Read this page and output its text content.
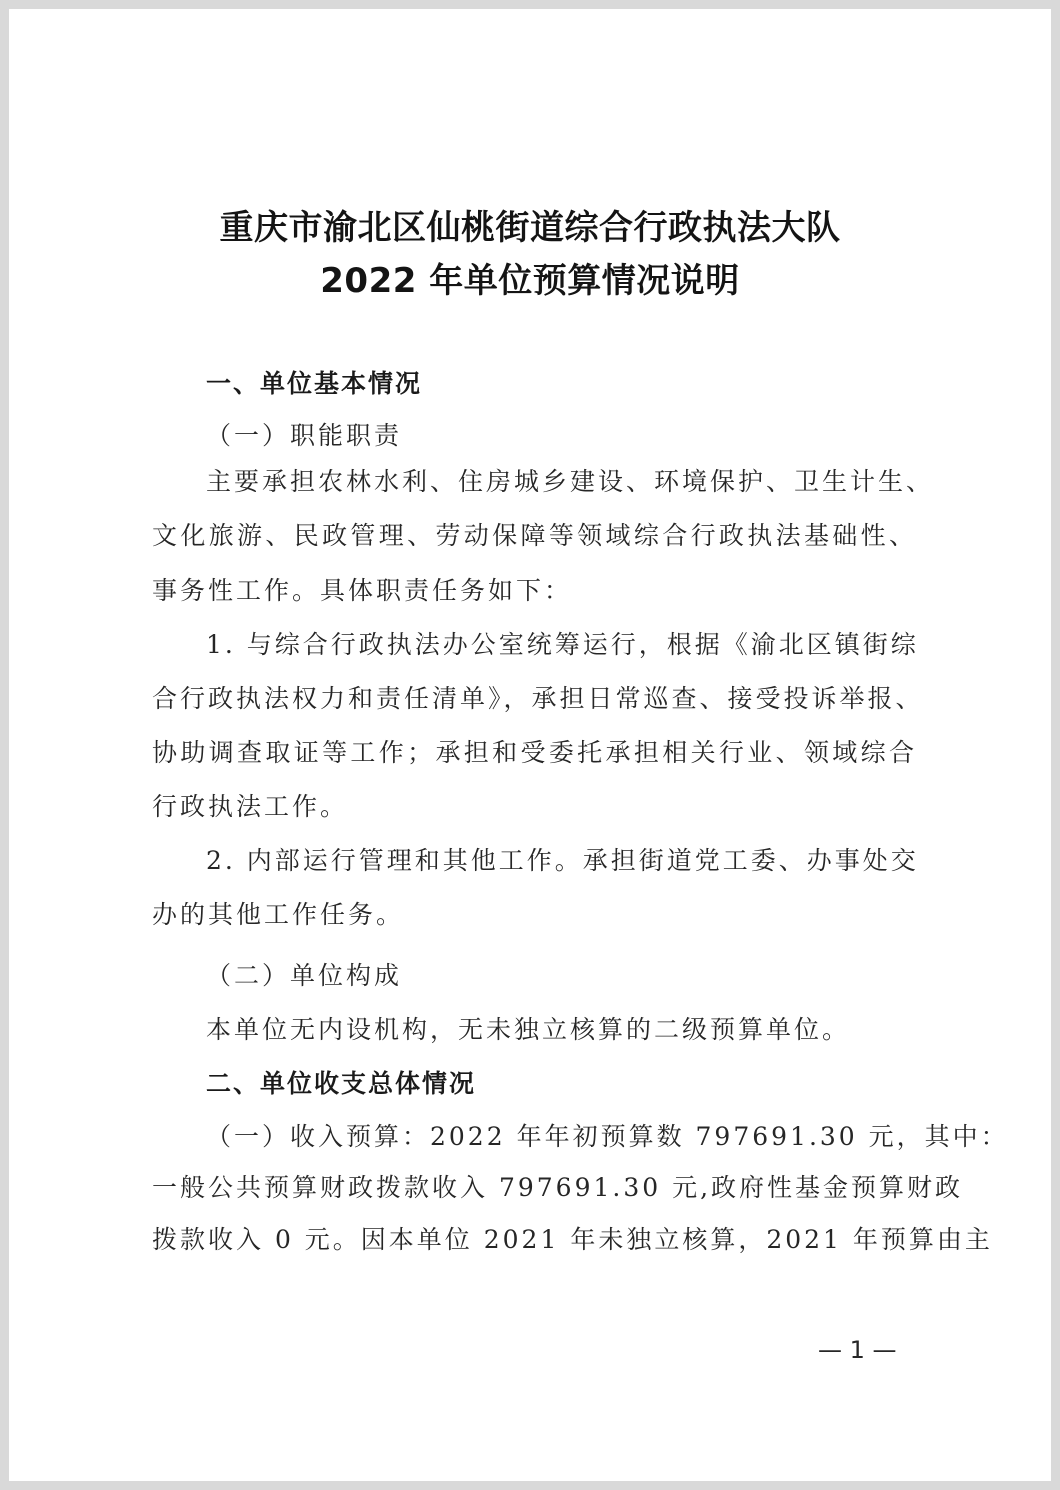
重庆市渝北区仙桃街道综合行政执法大队
2022 年单位预算情况说明
一、单位基本情况
（一）职能职责
主要承担农林水利、住房城乡建设、环境保护、卫生计生、
文化旅游、民政管理、劳动保障等领域综合行政执法基础性、
事务性工作。具体职责任务如下：
1. 与综合行政执法办公室统筹运行，根据《渝北区镇街综
合行政执法权力和责任清单》，承担日常巡查、接受投诉举报、
协助调查取证等工作；承担和受委托承担相关行业、领域综合
行政执法工作。
2. 内部运行管理和其他工作。承担街道党工委、办事处交
办的其他工作任务。
（二）单位构成
本单位无内设机构，无未独立核算的二级预算单位。
二、单位收支总体情况
（一）收入预算：2022 年年初预算数 797691.30 元，其中：
一般公共预算财政拨款收入 797691.30 元,政府性基金预算财政
拨款收入 0 元。因本单位 2021 年未独立核算，2021 年预算由主
— 1 —
